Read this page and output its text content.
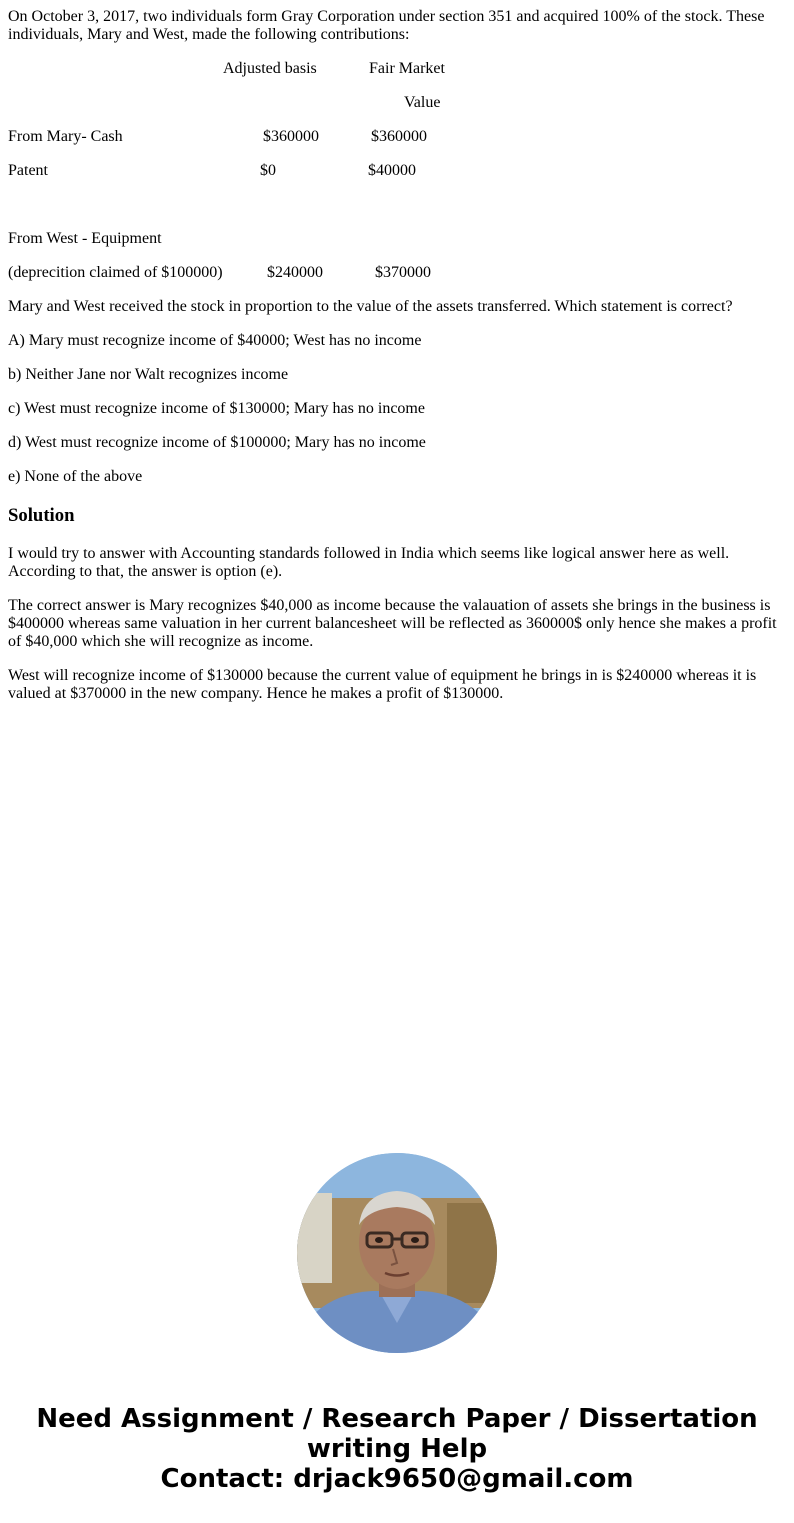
On October 3, 2017, two individuals form Gray Corporation under section 351 and acquired 100% of the stock. These individuals, Mary and West, made the following contributions:

Adjusted basis	Fair Market
Value
From Mary- Cash	$360000	$360000
Patent	$0	$40000
From West - Equipment
(deprecition claimed of $100000)	$240000	$370000
Mary and West received the stock in proportion to the value of the assets transferred. Which statement is correct?
A) Mary must recognize income of $40000; West has no income
b) Neither Jane nor Walt recognizes income
c) West must recognize income of $130000; Mary has no income
d) West must recognize income of $100000; Mary has no income
e) None of the above
Solution

I would try to answer with Accounting standards followed in India which seems like logical answer here as well. According to that, the answer is option (e).

The correct answer is Mary recognizes $40,000 as income because the valauation of assets she brings in the business is $400000 whereas same valuation in her current balancesheet will be reflected as 360000$ only hence she makes a profit of $40,000 which she will recognize as income.

West will recognize income of $130000 because the current value of equipment he brings in is $240000 whereas it is valued at $370000 in the new company. Hence he makes a profit of $130000.

Need Assignment / Research Paper / Dissertation
writing Help
Contact: drjack9650@gmail.com
